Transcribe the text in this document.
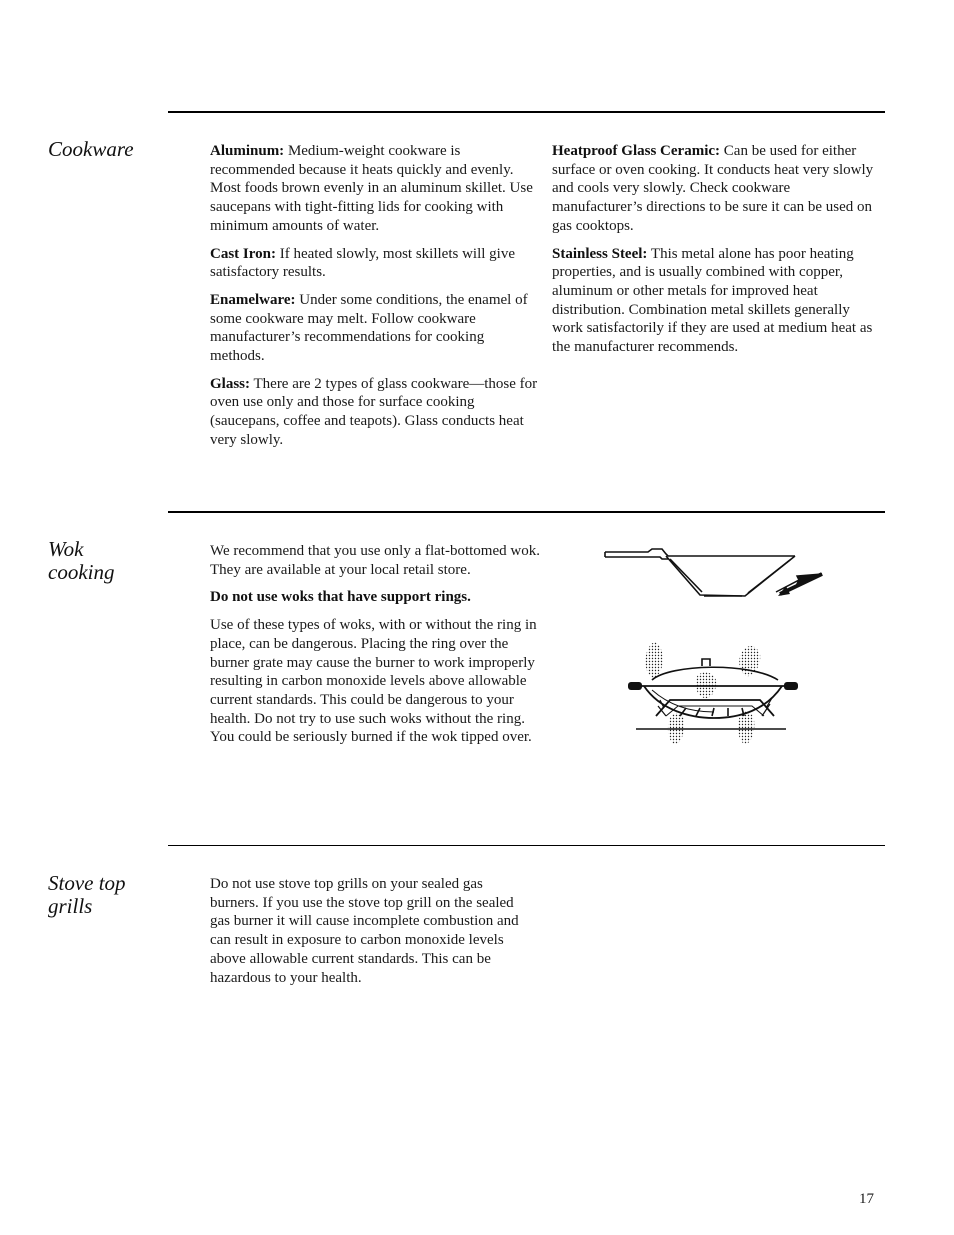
Cookware	Aluminum: Medium-weight cookware is recommended because it heats quickly and evenly. Most foods brown evenly in an aluminum skillet. Use saucepans with tight-fitting lids for cooking with minimum amounts of water.

Cast Iron: If heated slowly, most skillets will give satisfactory results.

Enamelware: Under some conditions, the enamel of some cookware may melt. Follow cookware manufacturer’s recommendations for cooking methods.

Glass: There are 2 types of glass cookware—those for oven use only and those for surface cooking (saucepans, coffee and teapots). Glass conducts heat very slowly.

Heatproof Glass Ceramic: Can be used for either surface or oven cooking. It conducts heat very slowly and cools very slowly. Check cookware manufacturer’s directions to be sure it can be used on gas cooktops.

Stainless Steel: This metal alone has poor heating properties, and is usually combined with copper, aluminum or other metals for improved heat distribution. Combination metal skillets generally work satisfactorily if they are used at medium heat as the manufacturer recommends.

Wok
cooking

We recommend that you use only a flat-bottomed wok. They are available at your local retail store.

Do not use woks that have support rings.

Use of these types of woks, with or without the ring in place, can be dangerous. Placing the ring over the burner grate may cause the burner to work improperly resulting in carbon monoxide levels above allowable current standards. This could be dangerous to your health. Do not try to use such woks without the ring. You could be seriously burned if the wok tipped over.

Stove top
grills

Do not use stove top grills on your sealed gas burners. If you use the stove top grill on the sealed gas burner it will cause incomplete combustion and can result in exposure to carbon monoxide levels above allowable current standards. This can be hazardous to your health.

17
